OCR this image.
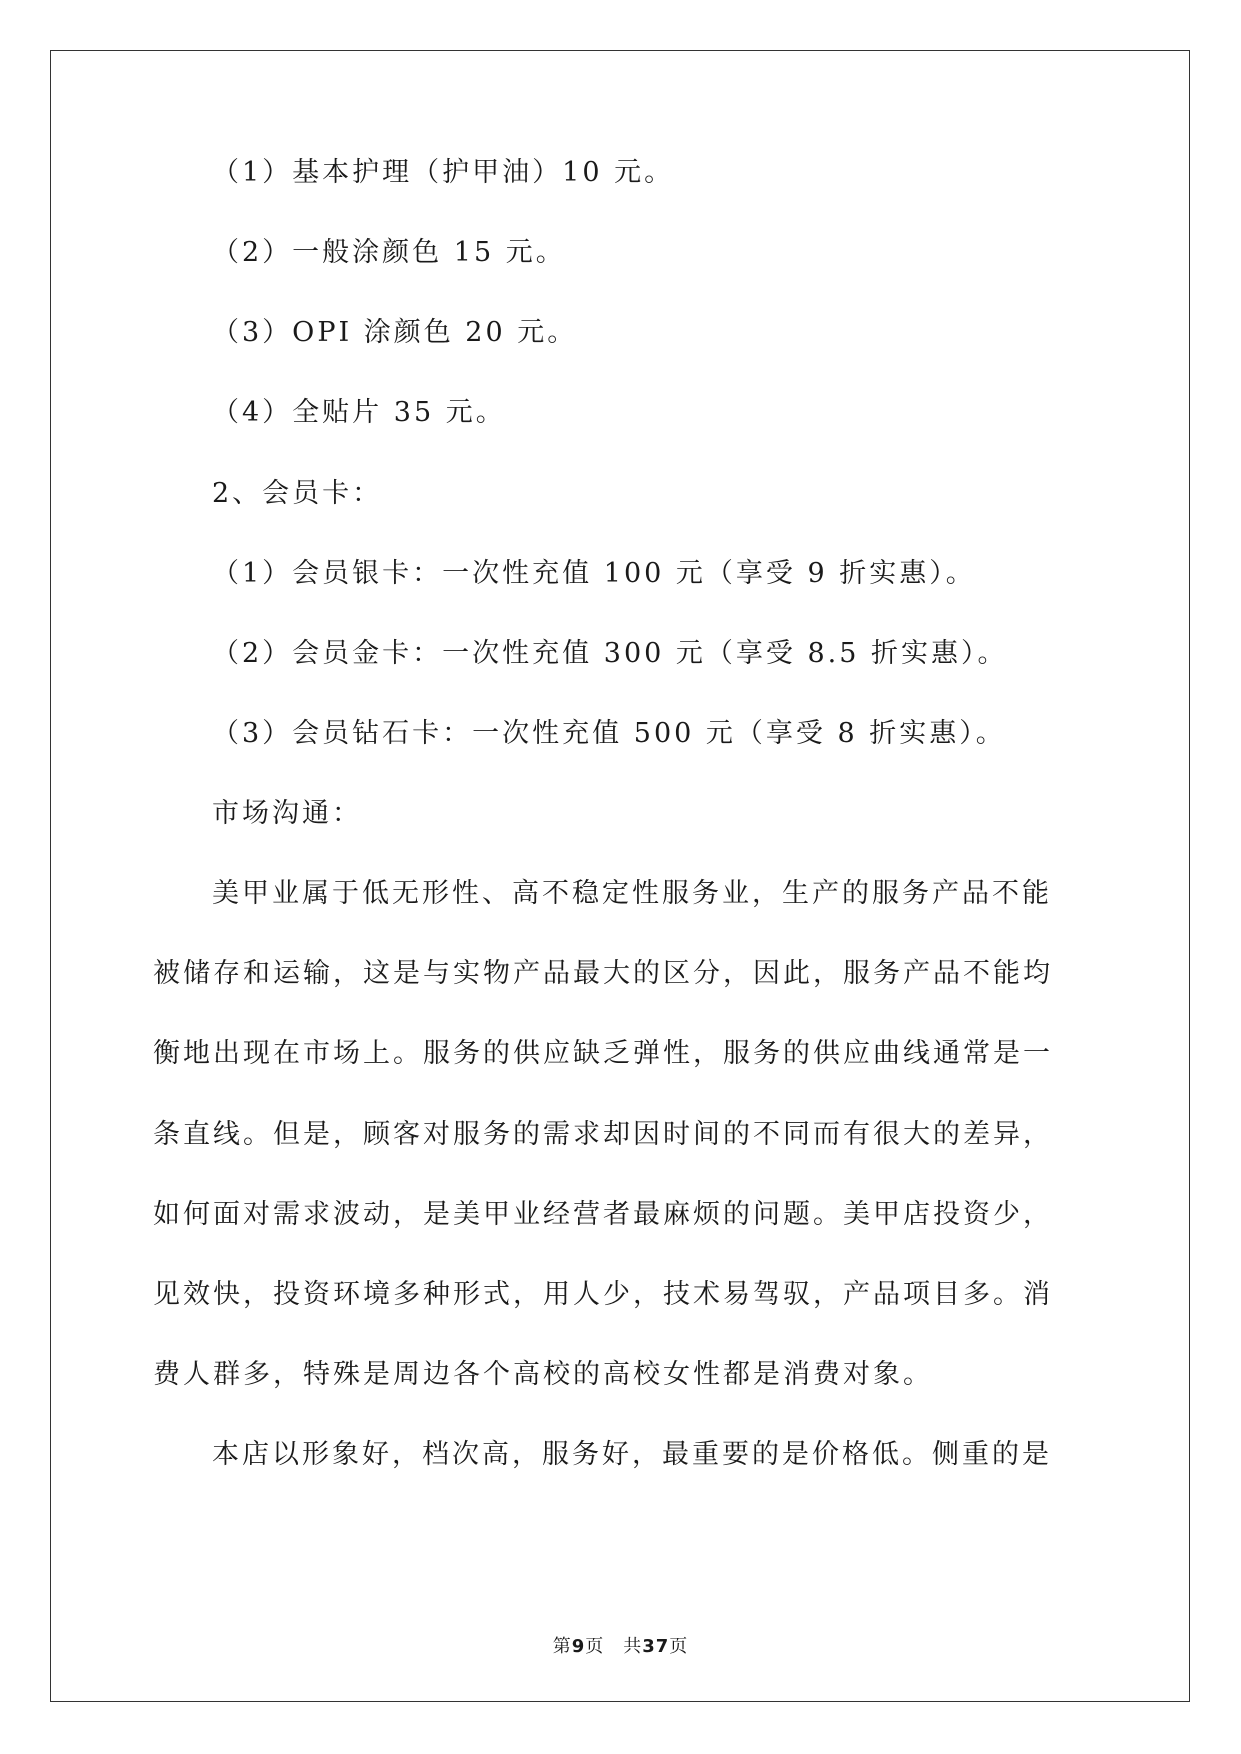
（1）基本护理（护甲油）10 元。
（2）一般涂颜色 15 元。
（3）OPI 涂颜色 20 元。
（4）全贴片 35 元。
2、会员卡：
（1）会员银卡：一次性充值 100 元（享受 9 折实惠）。
（2）会员金卡：一次性充值 300 元（享受 8.5 折实惠）。
（3）会员钻石卡：一次性充值 500 元（享受 8 折实惠）。
市场沟通：
美甲业属于低无形性、高不稳定性服务业，生产的服务产品不能
被储存和运输，这是与实物产品最大的区分，因此，服务产品不能均
衡地出现在市场上。服务的供应缺乏弹性，服务的供应曲线通常是一
条直线。但是，顾客对服务的需求却因时间的不同而有很大的差异，
如何面对需求波动，是美甲业经营者最麻烦的问题。美甲店投资少，
见效快，投资环境多种形式，用人少，技术易驾驭，产品项目多。消
费人群多，特殊是周边各个高校的高校女性都是消费对象。
本店以形象好，档次高，服务好，最重要的是价格低。侧重的是
第9页　共37页
